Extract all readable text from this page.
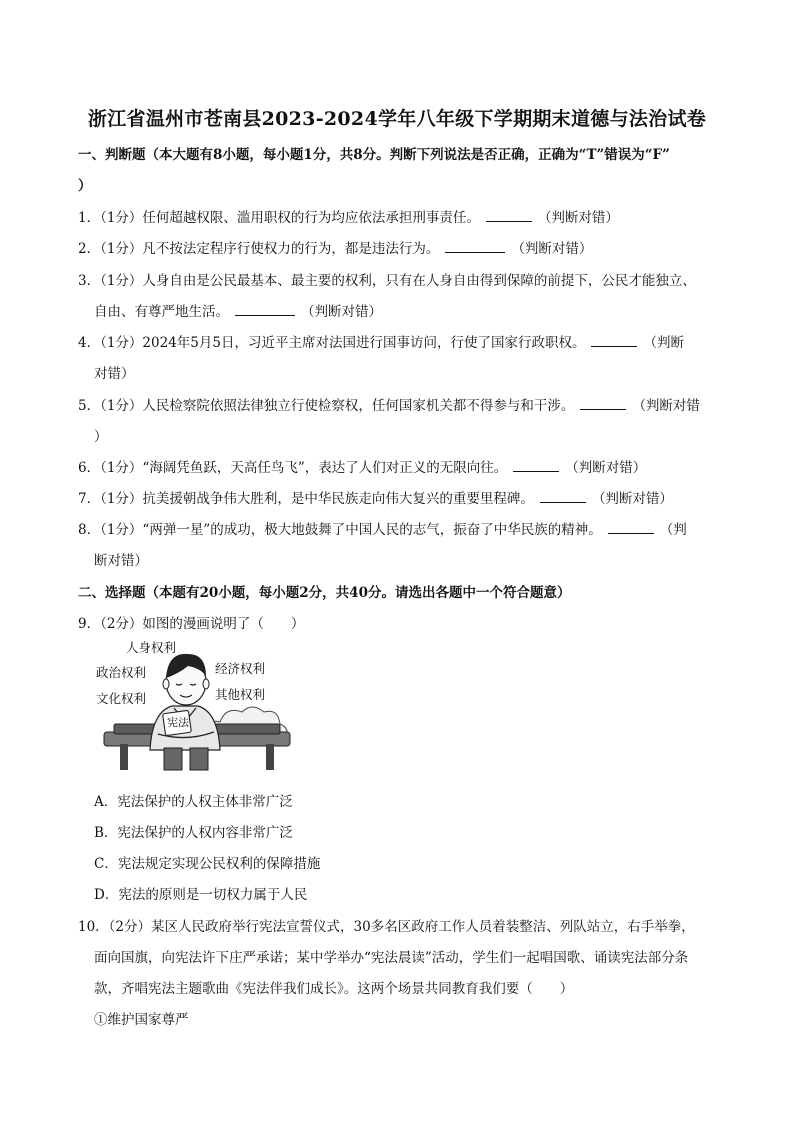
浙江省温州市苍南县2023-2024学年八年级下学期期末道德与法治试卷
一、判断题（本大题有8小题，每小题1分，共8分。判断下列说法是否正确，正确为“T”错误为“F”
）
1．（1分）任何超越权限、滥用职权的行为均应依法承担刑事责任。	（判断对错）
2．（1分）凡不按法定程序行使权力的行为，都是违法行为。	（判断对错）
3．（1分）人身自由是公民最基本、最主要的权利，只有在人身自由得到保障的前提下，公民才能独立、
自由、有尊严地生活。	（判断对错）
4．（1分）2024年5月5日，习近平主席对法国进行国事访问，行使了国家行政职权。	（判断
对错）
5．（1分）人民检察院依照法律独立行使检察权，任何国家机关都不得参与和干涉。	（判断对错
）
6．（1分）“海阔凭鱼跃，天高任鸟飞”，表达了人们对正义的无限向往。	（判断对错）
7．（1分）抗美援朝战争伟大胜利，是中华民族走向伟大复兴的重要里程碑。	（判断对错）
8．（1分）“两弹一星”的成功，极大地鼓舞了中国人民的志气，振奋了中华民族的精神。	（判
断对错）
二、选择题（本题有20小题，每小题2分，共40分。请选出各题中一个符合题意）
9．（2分）如图的漫画说明了（　　）
人身权利
政治权利
文化权利
经济权利
其他权利
宪法
A．宪法保护的人权主体非常广泛
B．宪法保护的人权内容非常广泛
C．宪法规定实现公民权利的保障措施
D．宪法的原则是一切权力属于人民
10．（2分）某区人民政府举行宪法宣誓仪式，30多名区政府工作人员着装整洁、列队站立，右手举拳，
面向国旗，向宪法许下庄严承诺；某中学举办“宪法晨读”活动，学生们一起唱国歌、诵读宪法部分条
款，齐唱宪法主题歌曲《宪法伴我们成长》。这两个场景共同教育我们要（　　）
①维护国家尊严
